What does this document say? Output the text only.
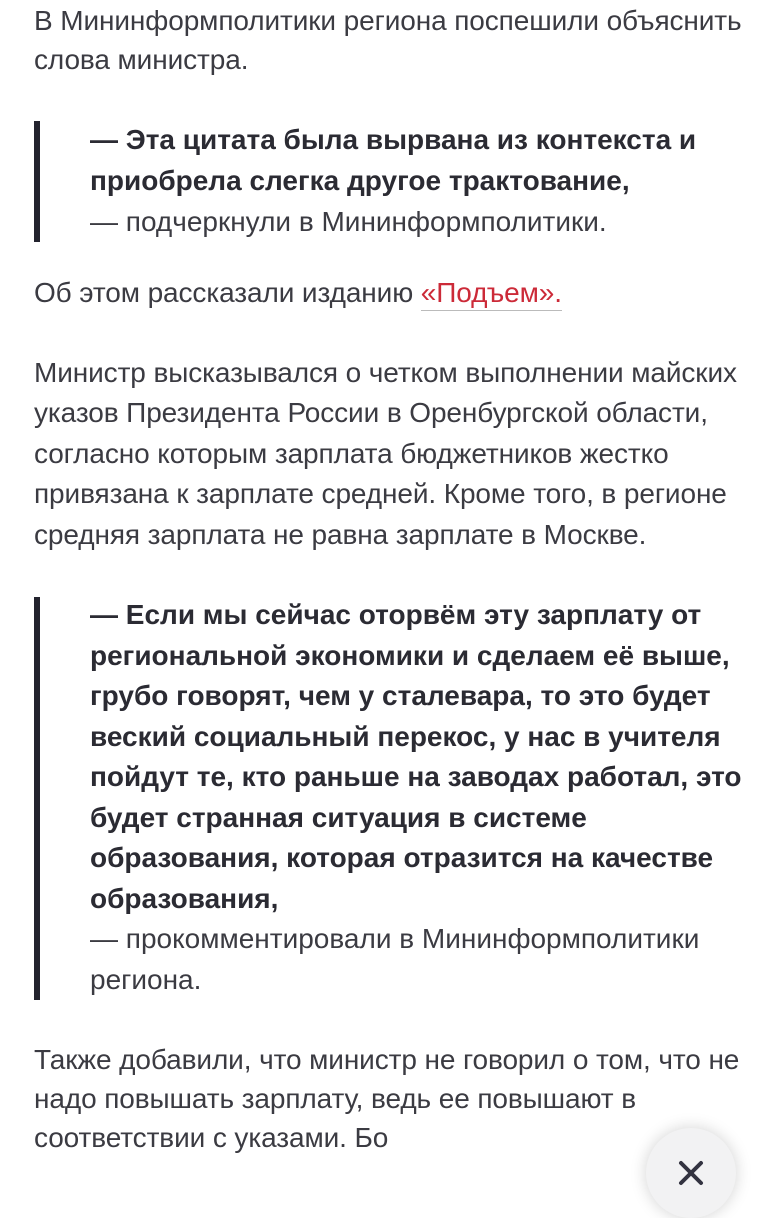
В Мининформполитики региона поспешили объяснить слова министра.

— Эта цитата была вырвана из контекста и приобрела слегка другое трактование,

— подчеркнули в Мининформполитики.

Об этом рассказали изданию «Подъем».

Министр высказывался о четком выполнении майских указов Президента России в Оренбургской области, согласно которым зарплата бюджетников жестко привязана к зарплате средней. Кроме того, в регионе средняя зарплата не равна зарплате в Москве.

— Если мы сейчас оторвём эту зарплату от региональной экономики и сделаем её выше, грубо говорят, чем у сталевара, то это будет веский социальный перекос, у нас в учителя пойдут те, кто раньше на заводах работал, это будет странная ситуация в системе образования, которая отразится на качестве образования,

— прокомментировали в Мининформполитики региона.

Также добавили, что министр не говорил о том, что не надо повышать зарплату, ведь ее повышают в соответствии с указами. Бо
